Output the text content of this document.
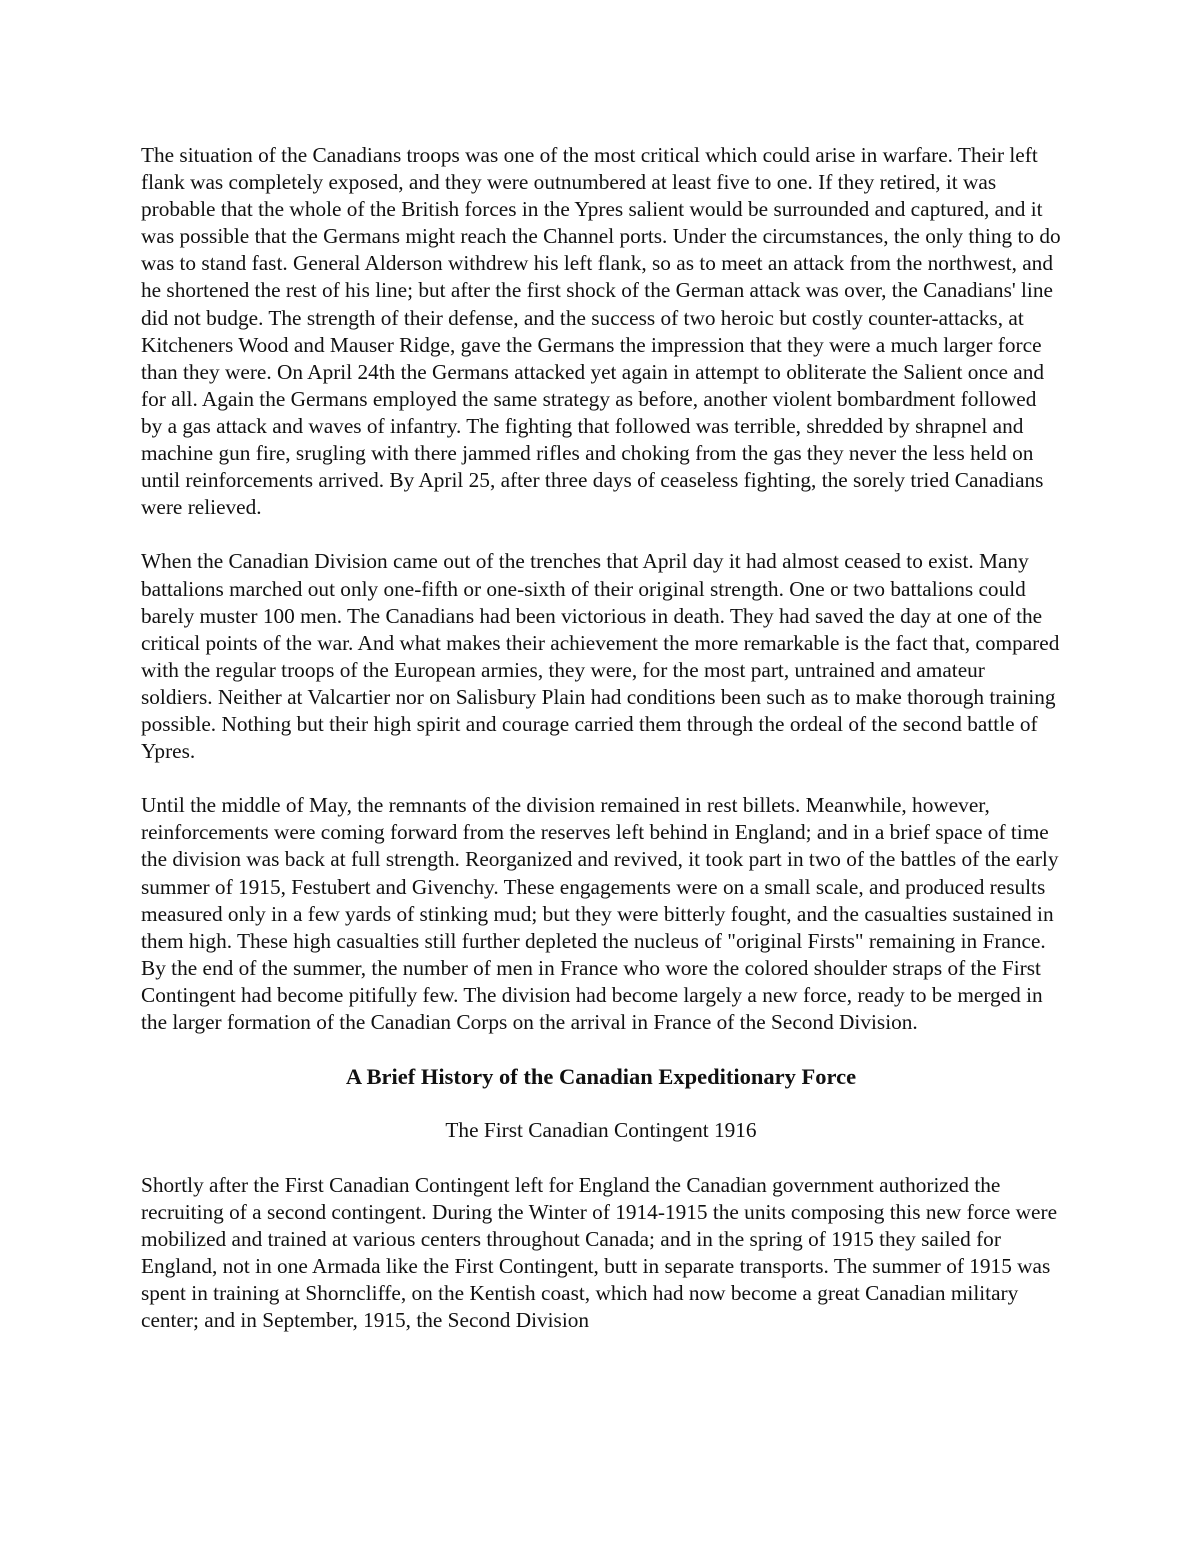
The situation of the Canadians troops was one of the most critical which could arise in warfare. Their left flank was completely exposed, and they were outnumbered at least five to one. If they retired, it was probable that the whole of the British forces in the Ypres salient would be surrounded and captured, and it was possible that the Germans might reach the Channel ports. Under the circumstances, the only thing to do was to stand fast. General Alderson withdrew his left flank, so as to meet an attack from the northwest, and he shortened the rest of his line; but after the first shock of the German attack was over, the Canadians' line did not budge. The strength of their defense, and the success of two heroic but costly counter-attacks, at Kitcheners Wood and Mauser Ridge, gave the Germans the impression that they were a much larger force than they were. On April 24th the Germans attacked yet again in attempt to obliterate the Salient once and for all. Again the Germans employed the same strategy as before, another violent bombardment followed by a gas attack and waves of infantry. The fighting that followed was terrible, shredded by shrapnel and machine gun fire, srugling with there jammed rifles and choking from the gas they never the less held on until reinforcements arrived. By April 25, after three days of ceaseless fighting, the sorely tried Canadians were relieved.

When the Canadian Division came out of the trenches that April day it had almost ceased to exist. Many battalions marched out only one-fifth or one-sixth of their original strength. One or two battalions could barely muster 100 men. The Canadians had been victorious in death. They had saved the day at one of the critical points of the war. And what makes their achievement the more remarkable is the fact that, compared with the regular troops of the European armies, they were, for the most part, untrained and amateur soldiers. Neither at Valcartier nor on Salisbury Plain had conditions been such as to make thorough training possible. Nothing but their high spirit and courage carried them through the ordeal of the second battle of Ypres.

Until the middle of May, the remnants of the division remained in rest billets. Meanwhile, however, reinforcements were coming forward from the reserves left behind in England; and in a brief space of time the division was back at full strength. Reorganized and revived, it took part in two of the battles of the early summer of 1915, Festubert and Givenchy. These engagements were on a small scale, and produced results measured only in a few yards of stinking mud; but they were bitterly fought, and the casualties sustained in them high. These high casualties still further depleted the nucleus of "original Firsts" remaining in France. By the end of the summer, the number of men in France who wore the colored shoulder straps of the First Contingent had become pitifully few. The division had become largely a new force, ready to be merged in the larger formation of the Canadian Corps on the arrival in France of the Second Division.

A Brief History of the Canadian Expeditionary Force

The First Canadian Contingent 1916

Shortly after the First Canadian Contingent left for England the Canadian government authorized the recruiting of a second contingent. During the Winter of 1914-1915 the units composing this new force were mobilized and trained at various centers throughout Canada; and in the spring of 1915 they sailed for England, not in one Armada like the First Contingent, butt in separate transports. The summer of 1915 was spent in training at Shorncliffe, on the Kentish coast, which had now become a great Canadian military center; and in September, 1915, the Second Division
